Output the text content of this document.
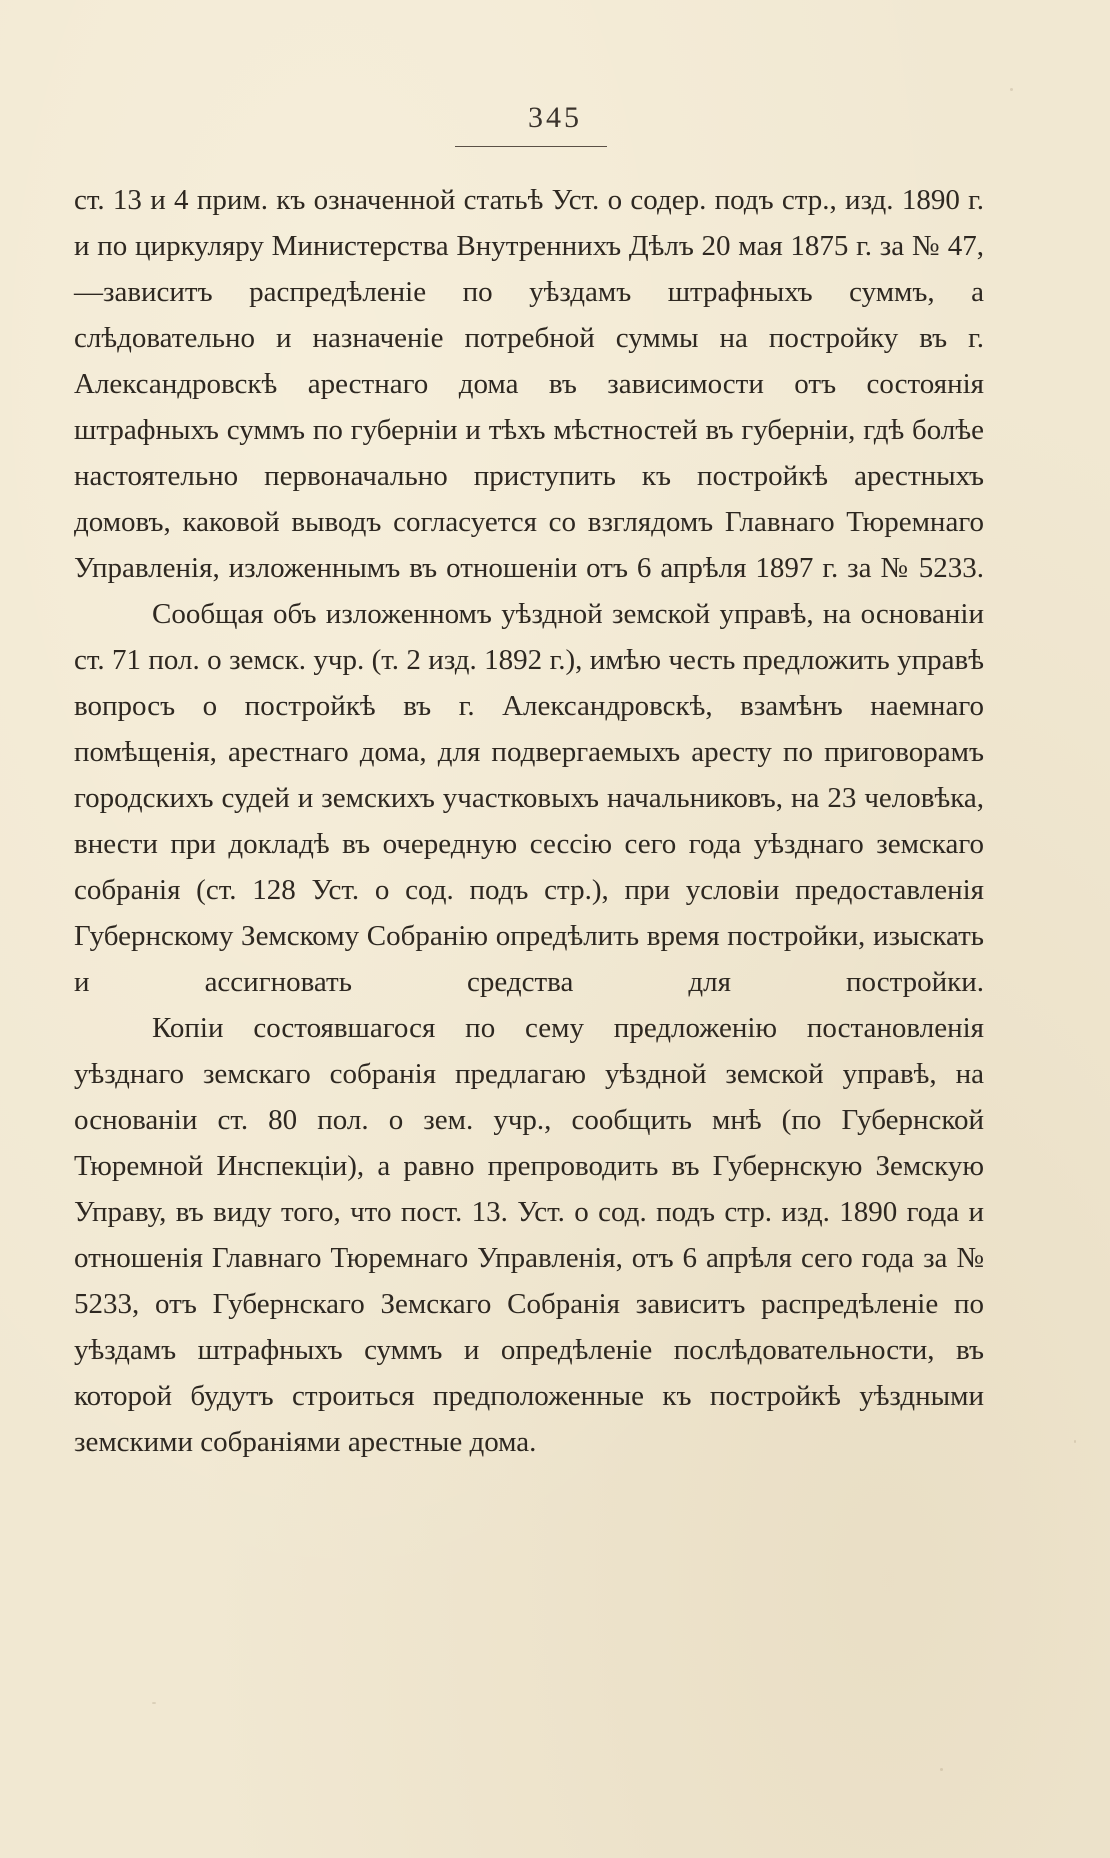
345

ст. 13 и 4 прим. къ означенной статьѣ Уст. о содер. подъ стр., изд. 1890 г. и по циркуляру Министерства Внутреннихъ Дѣлъ 20 мая 1875 г. за № 47,—зависитъ распредѣленіе по уѣздамъ штрафныхъ суммъ, а слѣдовательно и назначеніе потребной суммы на постройку въ г. Александровскѣ арестнаго дома въ зависимости отъ состоянія штрафныхъ суммъ по губерніи и тѣхъ мѣстностей въ губерніи, гдѣ болѣе настоятельно первоначально приступить къ постройкѣ арестныхъ домовъ, каковой выводъ согласуется со взглядомъ Главнаго Тюремнаго Управленія, изложеннымъ въ отношеніи отъ 6 апрѣля 1897 г. за № 5233.

Сообщая объ изложенномъ уѣздной земской управѣ, на основаніи ст. 71 пол. о земск. учр. (т. 2 изд. 1892 г.), имѣю честь предложить управѣ вопросъ о постройкѣ въ г. Александровскѣ, взамѣнъ наемнаго помѣщенія, арестнаго дома, для подвергаемыхъ аресту по приговорамъ городскихъ судей и земскихъ участковыхъ начальниковъ, на 23 человѣка, внести при докладѣ въ очередную сессію сего года уѣзднаго земскаго собранія (ст. 128 Уст. о сод. подъ стр.), при условіи предоставленія Губернскому Земскому Собранію опредѣлить время постройки, изыскать и ассигновать средства для постройки.

Копіи состоявшагося по сему предложенію постановленія уѣзднаго земскаго собранія предлагаю уѣздной земской управѣ, на основаніи ст. 80 пол. о зем. учр., сообщить мнѣ (по Губернской Тюремной Инспекціи), а равно препроводить въ Губернскую Земскую Управу, въ виду того, что пост. 13. Уст. о сод. подъ стр. изд. 1890 года и отношенія Главнаго Тюремнаго Управленія, отъ 6 апрѣля сего года за № 5233, отъ Губернскаго Земскаго Собранія зависитъ распредѣленіе по уѣздамъ штрафныхъ суммъ и опредѣленіе послѣдовательности, въ которой будутъ строиться предположенные къ постройкѣ уѣздными земскими собраніями арестные дома.
